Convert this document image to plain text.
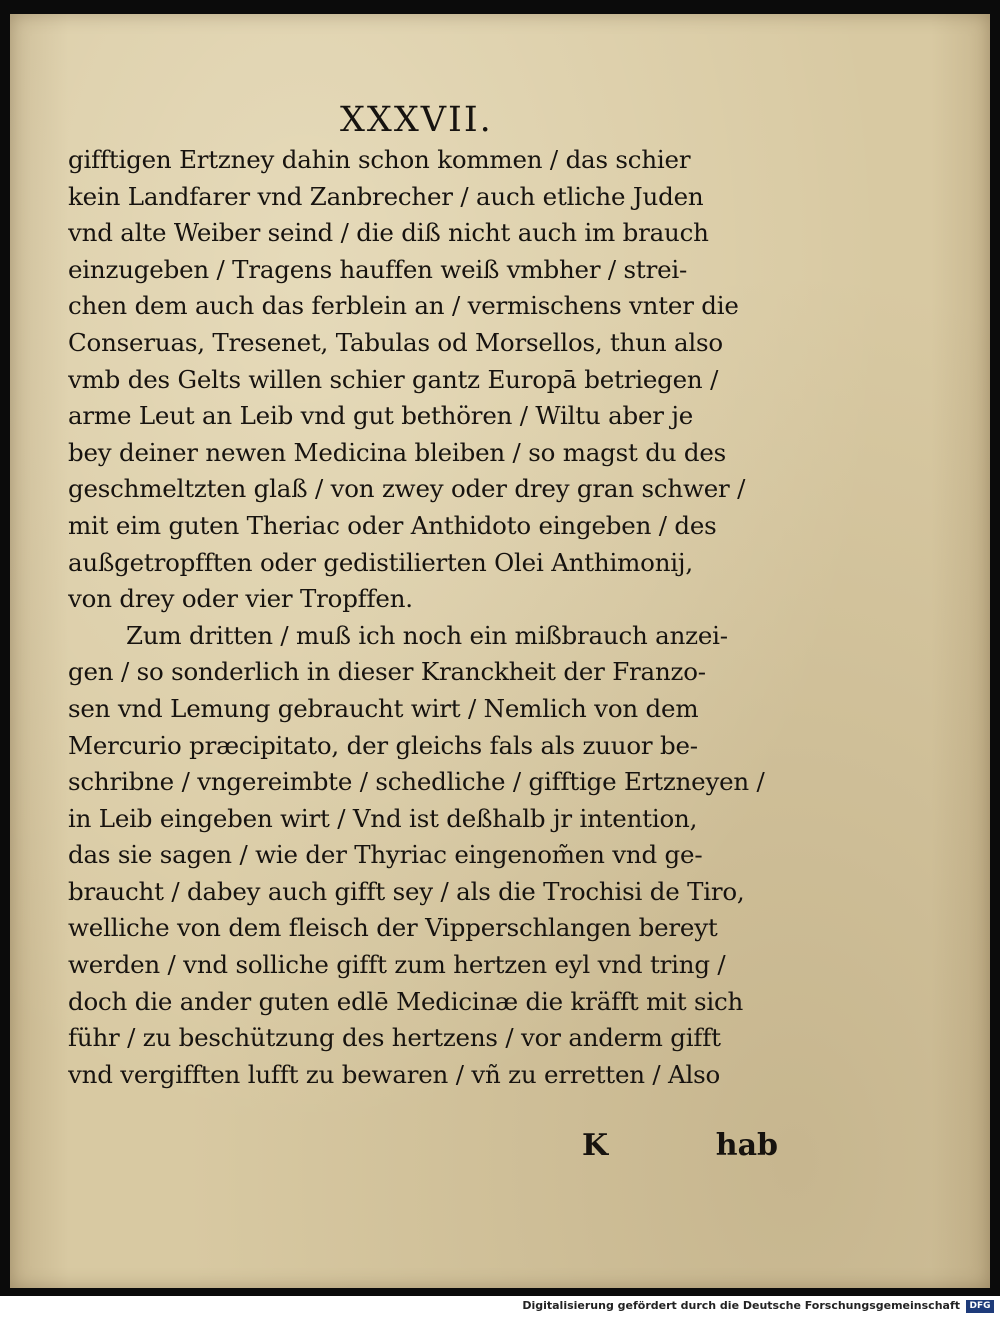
XXXVII.
gifftigen Ertzney dahin schon kommen / das schier
kein Landfarer vnd Zanbrecher / auch etliche Juden
vnd alte Weiber seind / die diß nicht auch im brauch
einzugeben / Tragens hauffen weiß vmbher / strei-
chen dem auch das ferblein an / vermischens vnter die
Conseruas, Tresenet, Tabulas od Morsellos, thun also
vmb des Gelts willen schier gantz Europā betriegen /
arme Leut an Leib vnd gut bethören / Wiltu aber je
bey deiner newen Medicina bleiben / so magst du des
geschmeltzten glaß / von zwey oder drey gran schwer /
mit eim guten Theriac oder Anthidoto eingeben / des
außgetropfften oder gedistilierten Olei Anthimonij,
von drey oder vier Tropffen.
Zum dritten / muß ich noch ein mißbrauch anzei-
gen / so sonderlich in dieser Kranckheit der Franzo-
sen vnd Lemung gebraucht wirt / Nemlich von dem
Mercurio præcipitato, der gleichs fals als zuuor be-
schribne / vngereimbte / schedliche / gifftige Ertzneyen /
in Leib eingeben wirt / Vnd ist deßhalb jr intention,
das sie sagen / wie der Thyriac eingenom̃en vnd ge-
braucht / dabey auch gifft sey / als die Trochisi de Tiro,
welliche von dem fleisch der Vipperschlangen bereyt
werden / vnd solliche gifft zum hertzen eyl vnd tring /
doch die ander guten edlē Medicinæ die kräfft mit sich
führ / zu beschützung des hertzens / vor anderm gifft
vnd vergifften lufft zu bewaren / vñ zu erretten / Also
K	hab
Digitalisierung gefördert durch die Deutsche Forschungsgemeinschaft	DFG
